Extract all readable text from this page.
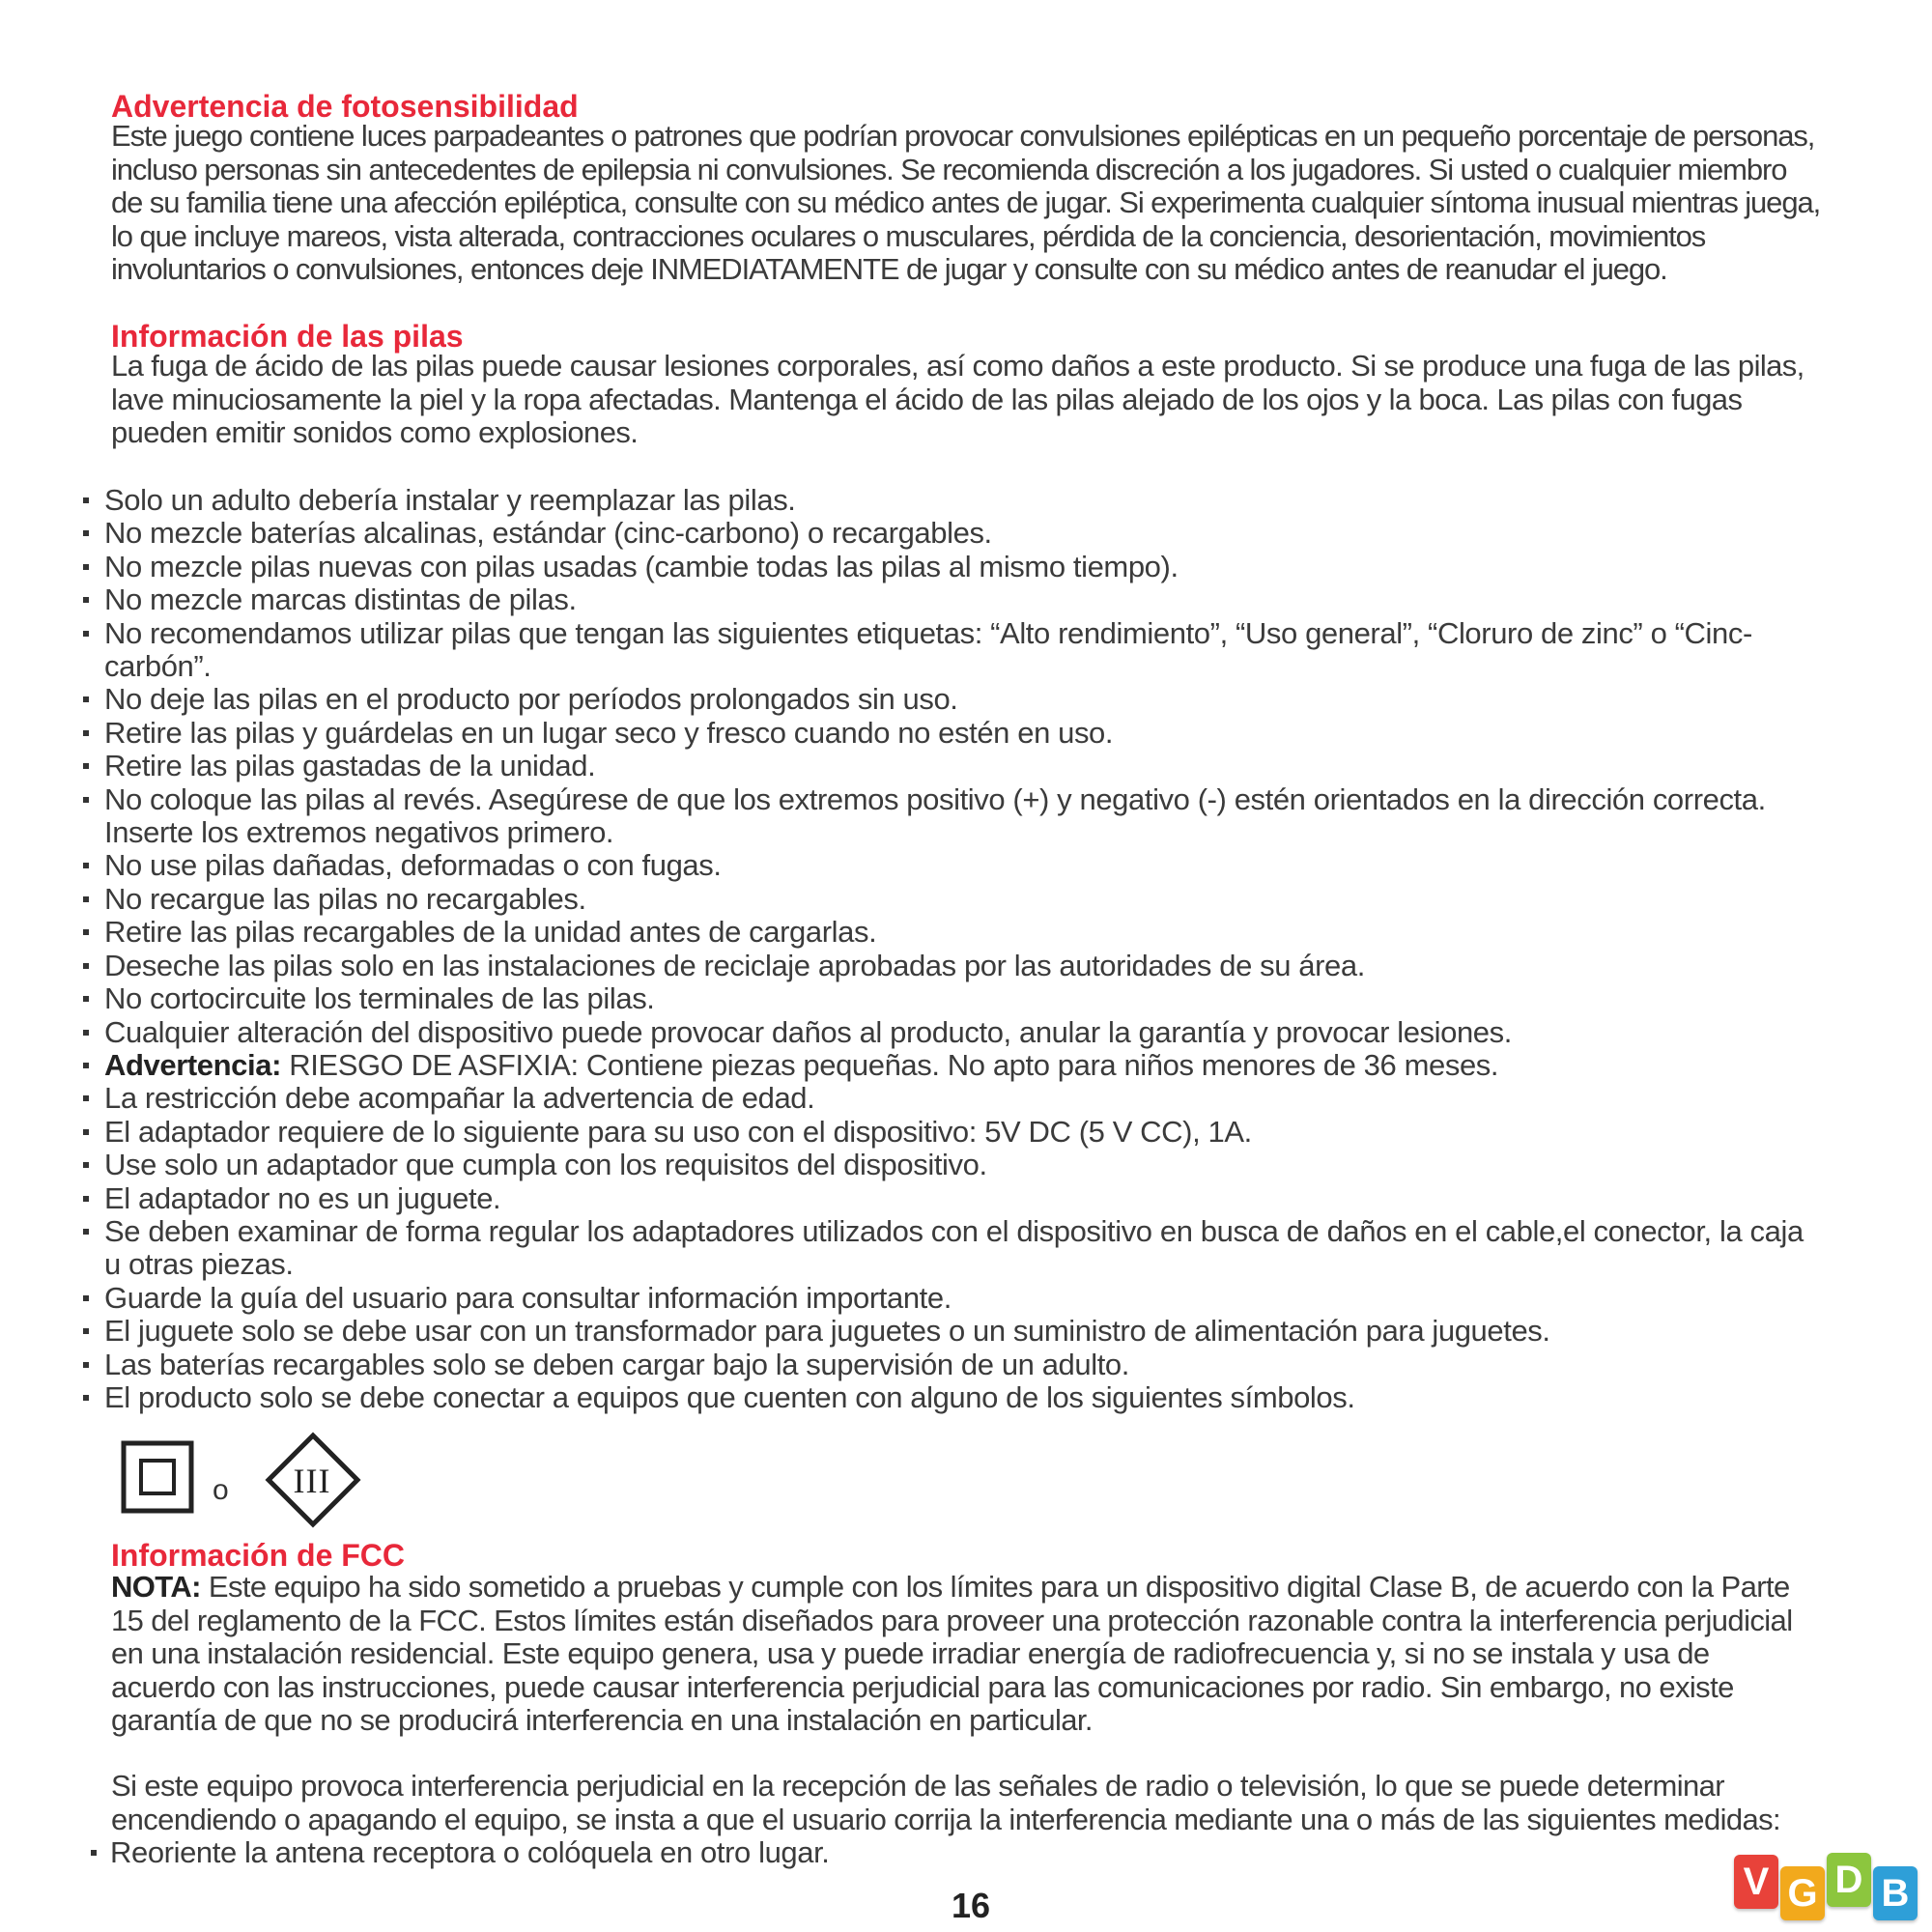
Advertencia de fotosensibilidad

Este juego contiene luces parpadeantes o patrones que podrían provocar convulsiones epilépticas en un pequeño porcentaje de personas, incluso personas sin antecedentes de epilepsia ni convulsiones. Se recomienda discreción a los jugadores. Si usted o cualquier miembro de su familia tiene una afección epiléptica, consulte con su médico antes de jugar. Si experimenta cualquier síntoma inusual mientras juega, lo que incluye mareos, vista alterada, contracciones oculares o musculares, pérdida de la conciencia, desorientación, movimientos involuntarios o convulsiones, entonces deje INMEDIATAMENTE de jugar y consulte con su médico antes de reanudar el juego.

Información de las pilas

La fuga de ácido de las pilas puede causar lesiones corporales, así como daños a este producto. Si se produce una fuga de las pilas, lave minuciosamente la piel y la ropa afectadas. Mantenga el ácido de las pilas alejado de los ojos y la boca. Las pilas con fugas pueden emitir sonidos como explosiones.

Solo un adulto debería instalar y reemplazar las pilas.
No mezcle baterías alcalinas, estándar (cinc-carbono) o recargables.
No mezcle pilas nuevas con pilas usadas (cambie todas las pilas al mismo tiempo).
No mezcle marcas distintas de pilas.
No recomendamos utilizar pilas que tengan las siguientes etiquetas: “Alto rendimiento”, “Uso general”, “Cloruro de zinc” o “Cinc-carbón”.
No deje las pilas en el producto por períodos prolongados sin uso.
Retire las pilas y guárdelas en un lugar seco y fresco cuando no estén en uso.
Retire las pilas gastadas de la unidad.
No coloque las pilas al revés. Asegúrese de que los extremos positivo (+) y negativo (-) estén orientados en la dirección correcta. Inserte los extremos negativos primero.
No use pilas dañadas, deformadas o con fugas.
No recargue las pilas no recargables.
Retire las pilas recargables de la unidad antes de cargarlas.
Deseche las pilas solo en las instalaciones de reciclaje aprobadas por las autoridades de su área.
No cortocircuite los terminales de las pilas.
Cualquier alteración del dispositivo puede provocar daños al producto, anular la garantía y provocar lesiones.
Advertencia: RIESGO DE ASFIXIA: Contiene piezas pequeñas. No apto para niños menores de 36 meses.
La restricción debe acompañar la advertencia de edad.
El adaptador requiere de lo siguiente para su uso con el dispositivo: 5V DC (5 V CC), 1A.
Use solo un adaptador que cumpla con los requisitos del dispositivo.
El adaptador no es un juguete.
Se deben examinar de forma regular los adaptadores utilizados con el dispositivo en busca de daños en el cable,el conector, la caja u otras piezas.
Guarde la guía del usuario para consultar información importante.
El juguete solo se debe usar con un transformador para juguetes o un suministro de alimentación para juguetes.
Las baterías recargables solo se deben cargar bajo la supervisión de un adulto.
El producto solo se debe conectar a equipos que cuenten con alguno de los siguientes símbolos.
o	III
Información de FCC

NOTA: Este equipo ha sido sometido a pruebas y cumple con los límites para un dispositivo digital Clase B, de acuerdo con la Parte 15 del reglamento de la FCC. Estos límites están diseñados para proveer una protección razonable contra la interferencia perjudicial en una instalación residencial. Este equipo genera, usa y puede irradiar energía de radiofrecuencia y, si no se instala y usa de acuerdo con las instrucciones, puede causar interferencia perjudicial para las comunicaciones por radio. Sin embargo, no existe garantía de que no se producirá interferencia en una instalación en particular.

Si este equipo provoca interferencia perjudicial en la recepción de las señales de radio o televisión, lo que se puede determinar encendiendo o apagando el equipo, se insta a que el usuario corrija la interferencia mediante una o más de las siguientes medidas:

Reoriente la antena receptora o colóquela en otro lugar.
16
V G D B
